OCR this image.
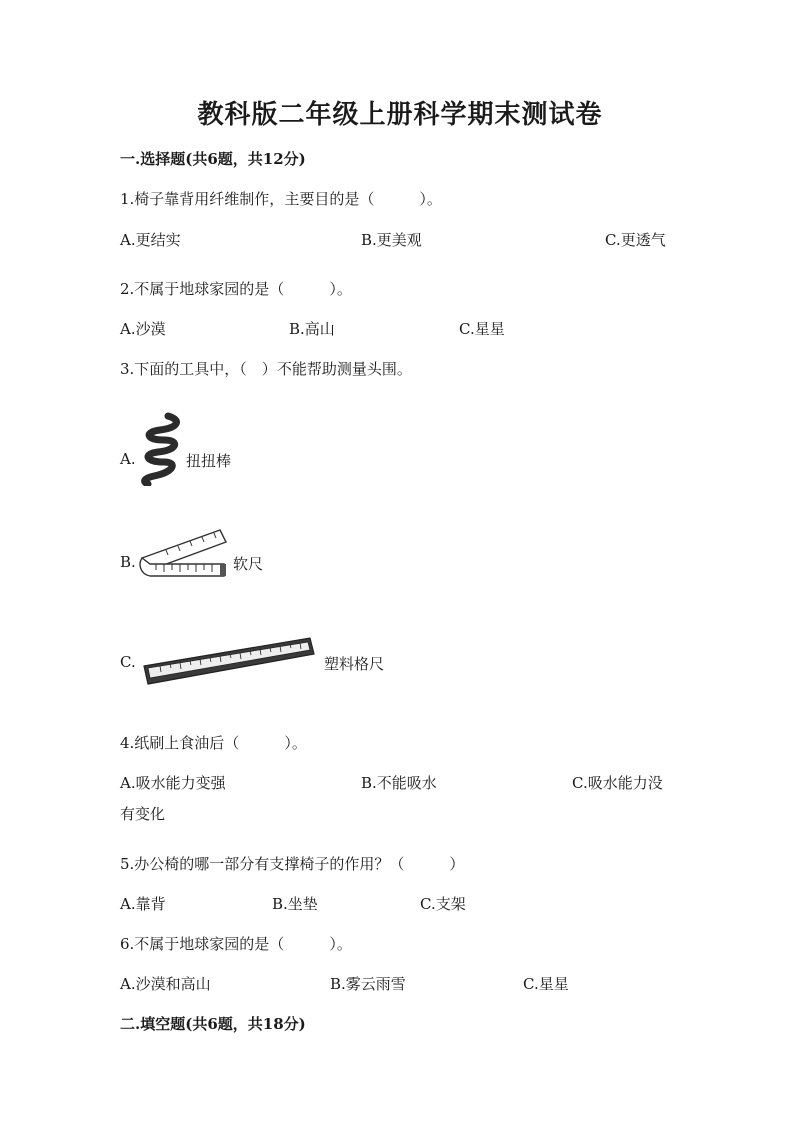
教科版二年级上册科学期末测试卷
一.选择题(共6题，共12分)
1.椅子靠背用纤维制作，主要目的是（　　　）。
A.更结实	B.更美观	C.更透气
2.不属于地球家园的是（　　　）。
A.沙漠	B.高山	C.星星
3.下面的工具中，（　）不能帮助测量头围。
A.	扭扭棒
B.	软尺
C.	塑料格尺
4.纸刷上食油后（　　　）。
A.吸水能力变强	B.不能吸水	C.吸水能力没
有变化
5.办公椅的哪一部分有支撑椅子的作用？（　　　）
A.靠背	B.坐垫	C.支架
6.不属于地球家园的是（　　　）。
A.沙漠和高山	B.雾云雨雪	C.星星
二.填空题(共6题，共18分)
